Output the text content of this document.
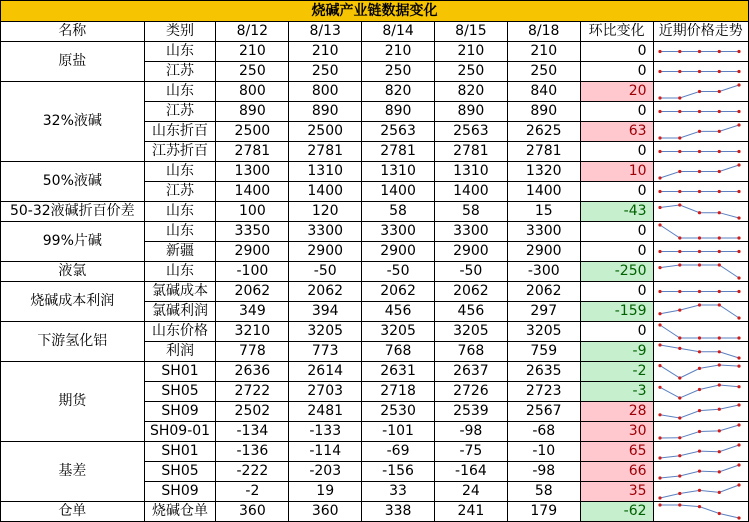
烧碱产业链数据变化								
名称	类别	8/12	8/13	8/14	8/15	8/18	环比变化	近期价格走势
原盐	山东	210	210	210	210	210	0	

	江苏	250	250	250	250	250	0	

32%液碱	山东	800	800	820	820	840	20	

	江苏	890	890	890	890	890	0	

	山东折百	2500	2500	2563	2563	2625	63	

	江苏折百	2781	2781	2781	2781	2781	0	

50%液碱	山东	1300	1310	1310	1310	1320	10	

	江苏	1400	1400	1400	1400	1400	0	

50-32液碱折百价差	山东	100	120	58	58	15	-43	

99%片碱	山东	3350	3300	3300	3300	3300	0	

	新疆	2900	2900	2900	2900	2900	0	

液氯	山东	-100	-50	-50	-50	-300	-250	

烧碱成本利润	氯碱成本	2062	2062	2062	2062	2062	0	

	氯碱利润	349	394	456	456	297	-159	

下游氢化铝	山东价格	3210	3205	3205	3205	3205	0	

	利润	778	773	768	768	759	-9	

期货	SH01	2636	2614	2631	2637	2635	-2	

	SH05	2722	2703	2718	2726	2723	-3	

	SH09	2502	2481	2530	2539	2567	28	

	SH09-01	-134	-133	-101	-98	-68	30	

基差	SH01	-136	-114	-69	-75	-10	65	

	SH05	-222	-203	-156	-164	-98	66	

	SH09	-2	19	33	24	58	35	

仓单	烧碱仓单	360	360	338	241	179	-62	
